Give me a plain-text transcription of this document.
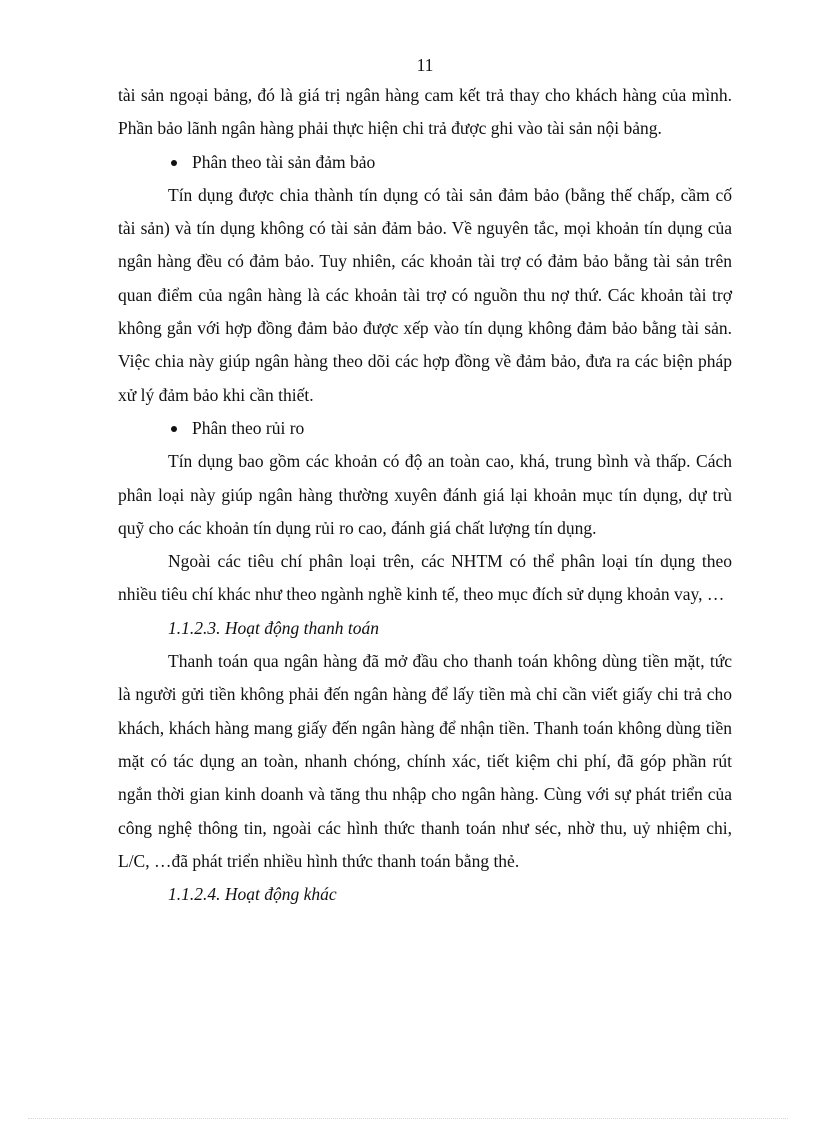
11

tài sản ngoại bảng, đó là giá trị ngân hàng cam kết trả thay cho khách hàng của mình. Phần bảo lãnh ngân hàng phải thực hiện chi trả được ghi vào tài sản nội bảng.

Phân theo tài sản đảm bảo

Tín dụng được chia thành tín dụng có tài sản đảm bảo (bằng thế chấp, cầm cố tài sản) và tín dụng không có tài sản đảm bảo. Về nguyên tắc, mọi khoản tín dụng của ngân hàng đều có đảm bảo. Tuy nhiên, các khoản tài trợ có đảm bảo bằng tài sản trên quan điểm của ngân hàng là các khoản tài trợ có nguồn thu nợ thứ. Các khoản tài trợ không gắn với hợp đồng đảm bảo được xếp vào tín dụng không đảm bảo bằng tài sản. Việc chia này giúp ngân hàng theo dõi các hợp đồng về đảm bảo, đưa ra các biện pháp xử lý đảm bảo khi cần thiết.

Phân theo rủi ro

Tín dụng bao gồm các khoản có độ an toàn cao, khá, trung bình và thấp. Cách phân loại này giúp ngân hàng thường xuyên đánh giá lại khoản mục tín dụng, dự trù quỹ cho các khoản tín dụng rủi ro cao, đánh giá chất lượng tín dụng.

Ngoài các tiêu chí phân loại trên, các NHTM có thể phân loại tín dụng theo nhiều tiêu chí khác như theo ngành nghề kinh tế, theo mục đích sử dụng khoản vay, …

1.1.2.3. Hoạt động thanh toán

Thanh toán qua ngân hàng đã mở đầu cho thanh toán không dùng tiền mặt, tức là người gửi tiền không phải đến ngân hàng để lấy tiền mà chỉ cần viết giấy chi trả cho khách, khách hàng mang giấy đến ngân hàng để nhận tiền. Thanh toán không dùng tiền mặt có tác dụng an toàn, nhanh chóng, chính xác, tiết kiệm chi phí, đã góp phần rút ngắn thời gian kinh doanh và tăng thu nhập cho ngân hàng. Cùng với sự phát triển của công nghệ thông tin, ngoài các hình thức thanh toán như séc, nhờ thu, uỷ nhiệm chi, L/C, …đã phát triển nhiều hình thức thanh toán bằng thẻ.

1.1.2.4. Hoạt động khác
